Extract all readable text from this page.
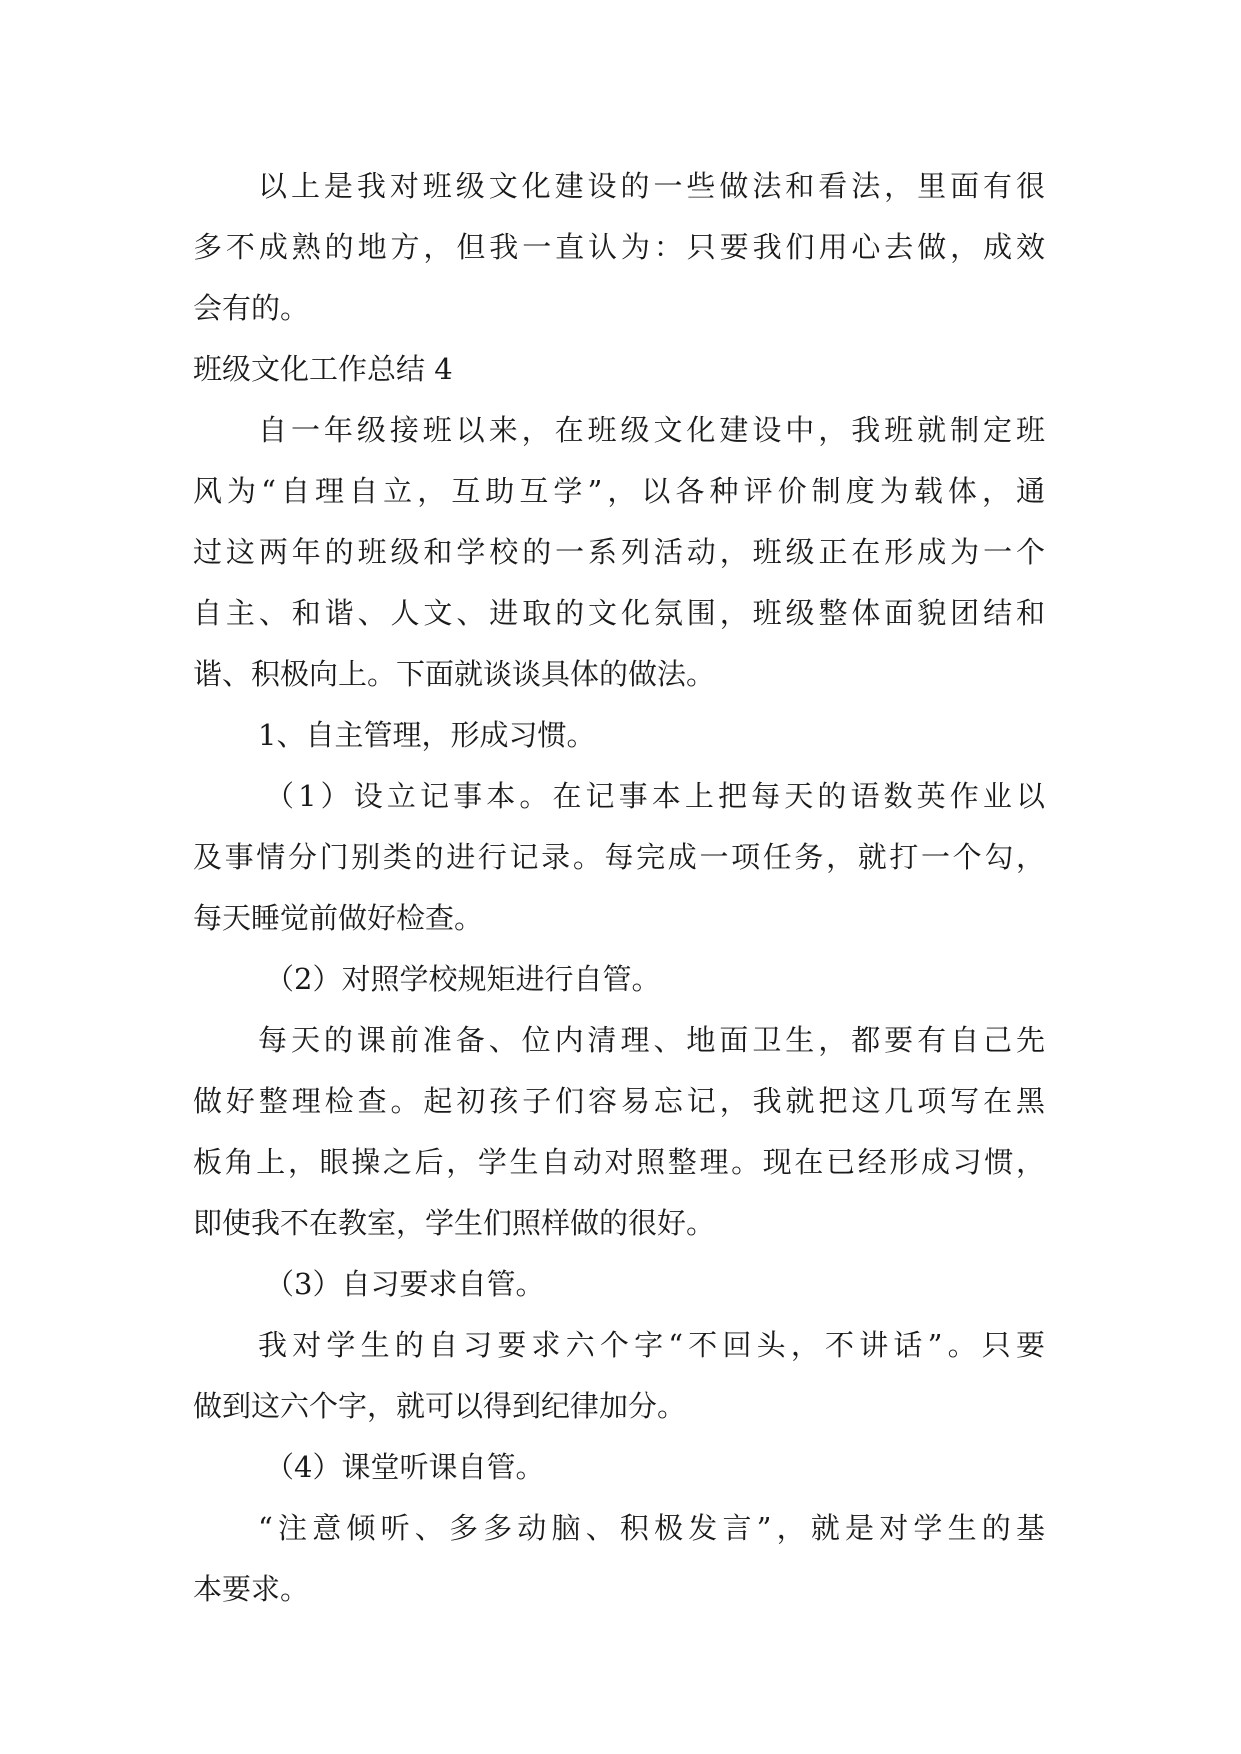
以上是我对班级文化建设的一些做法和看法，里面有很

多不成熟的地方，但我一直认为：只要我们用心去做，成效

会有的。

班级文化工作总结 4

自一年级接班以来，在班级文化建设中，我班就制定班

风为“自理自立，互助互学”，以各种评价制度为载体，通

过这两年的班级和学校的一系列活动，班级正在形成为一个

自主、和谐、人文、进取的文化氛围，班级整体面貌团结和

谐、积极向上。下面就谈谈具体的做法。

1、自主管理，形成习惯。

（1）设立记事本。在记事本上把每天的语数英作业以

及事情分门别类的进行记录。每完成一项任务，就打一个勾，

每天睡觉前做好检查。

（2）对照学校规矩进行自管。

每天的课前准备、位内清理、地面卫生，都要有自己先

做好整理检查。起初孩子们容易忘记，我就把这几项写在黑

板角上，眼操之后，学生自动对照整理。现在已经形成习惯，

即使我不在教室，学生们照样做的很好。

（3）自习要求自管。

我对学生的自习要求六个字“不回头，不讲话”。只要

做到这六个字，就可以得到纪律加分。

（4）课堂听课自管。

“注意倾听、多多动脑、积极发言”，就是对学生的基

本要求。
